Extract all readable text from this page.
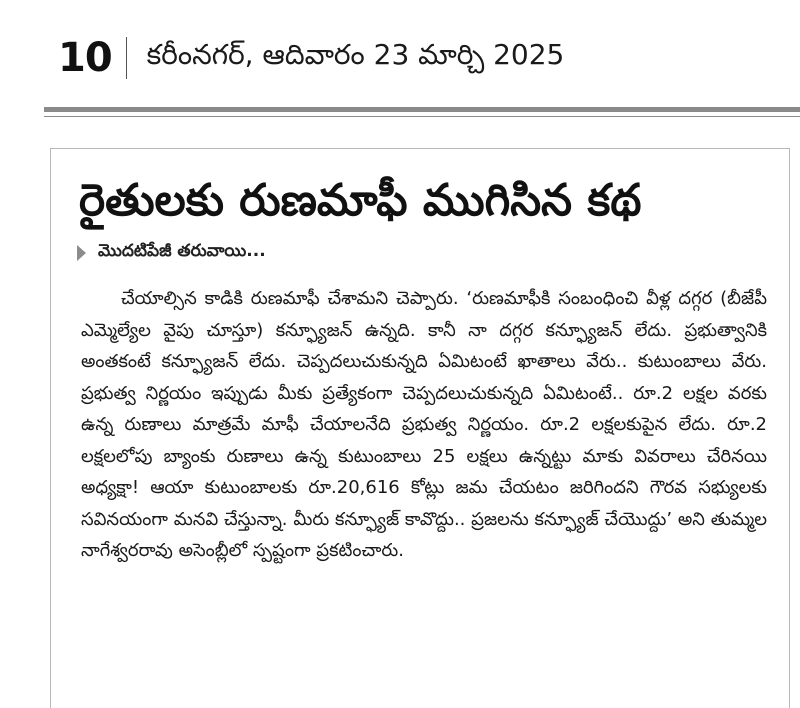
10 కరీంనగర్, ఆదివారం 23 మార్చి 2025
రైతులకు రుణమాఫీ ముగిసిన కథ
మొదటిపేజీ తరువాయి...

చేయాల్సిన కాడికి రుణమాఫీ చేశామని చెప్పారు. ‘రుణమాఫీకి సంబంధించి వీళ్ల దగ్గర (బీజేపీ ఎమ్మెల్యేల వైపు చూస్తూ) కన్ఫ్యూజన్ ఉన్నది. కానీ నా దగ్గర కన్ఫ్యూజన్ లేదు. ప్రభుత్వానికి అంతకంటే కన్ఫ్యూజన్ లేదు. చెప్పదలుచుకున్నది ఏమిటంటే ఖాతాలు వేరు.. కుటుంబాలు వేరు. ప్రభుత్వ నిర్ణయం ఇప్పుడు మీకు ప్రత్యేకంగా చెప్పదలుచుకున్నది ఏమిటంటే.. రూ.2 లక్షల వరకు ఉన్న రుణాలు మాత్రమే మాఫీ చేయాలనేది ప్రభుత్వ నిర్ణయం. రూ.2 లక్షలకుపైన లేదు. రూ.2 లక్షలలోపు బ్యాంకు రుణాలు ఉన్న కుటుంబాలు 25 లక్షలు ఉన్నట్టు మాకు వివరాలు చేరినయి అధ్యక్షా! ఆయా కుటుంబాలకు రూ.20,616 కోట్లు జమ చేయటం జరిగిందని గౌరవ సభ్యులకు సవినయంగా మనవి చేస్తున్నా. మీరు కన్ఫ్యూజ్ కావొద్దు.. ప్రజలను కన్ఫ్యూజ్ చేయొద్దు’ అని తుమ్మల నాగేశ్వరరావు అసెంబ్లీలో స్పష్టంగా ప్రకటించారు.
